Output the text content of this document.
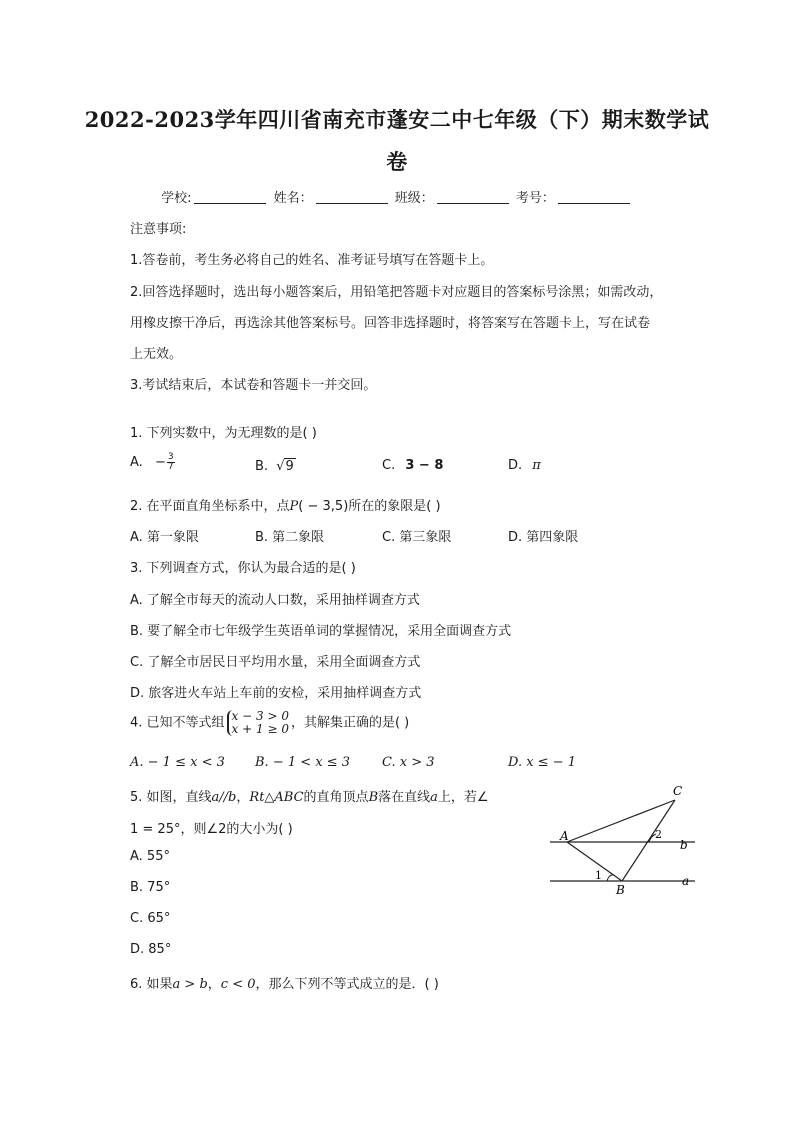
2022-2023学年四川省南充市蓬安二中七年级（下）期末数学试
卷
学校:	姓名：	班级：	考号：
注意事项:
1.答卷前，考生务必将自己的姓名、准考证号填写在答题卡上。
2.回答选择题时，选出每小题答案后，用铅笔把答题卡对应题目的答案标号涂黑；如需改动，
用橡皮擦干净后，再选涂其他答案标号。回答非选择题时，将答案写在答题卡上，写在试卷
上无效。
3.考试结束后，本试卷和答题卡一并交回。
1. 下列实数中，为无理数的是( )
A. − $\frac{3}{7}$	B. √9	C. 3 − 8	D. π
2. 在平面直角坐标系中，点P( − 3,5)所在的象限是( )
A. 第一象限	B. 第二象限	C. 第三象限	D. 第四象限
3. 下列调查方式，你认为最合适的是( )
A. 了解全市每天的流动人口数，采用抽样调查方式
B. 要了解全市七年级学生英语单词的掌握情况，采用全面调查方式
C. 了解全市居民日平均用水量，采用全面调查方式
D. 旅客进火车站上车前的安检，采用抽样调查方式
4. 已知不等式组 x − 3 > 0
x + 1 ≥ 0 ，其解集正确的是( )
A. − 1 ≤ x < 3 B. − 1 < x ≤ 3 C. x > 3	D. x ≤ − 1
5. 如图，直线a//b，Rt△ABC的直角顶点B落在直线a上，若∠
1 = 25°，则∠2的大小为( )
A. 55°
B. 75°
C. 65°
D. 85°
A
B
C
1
2
b
a
6. 如果a > b，c < 0，那么下列不等式成立的是．( )
